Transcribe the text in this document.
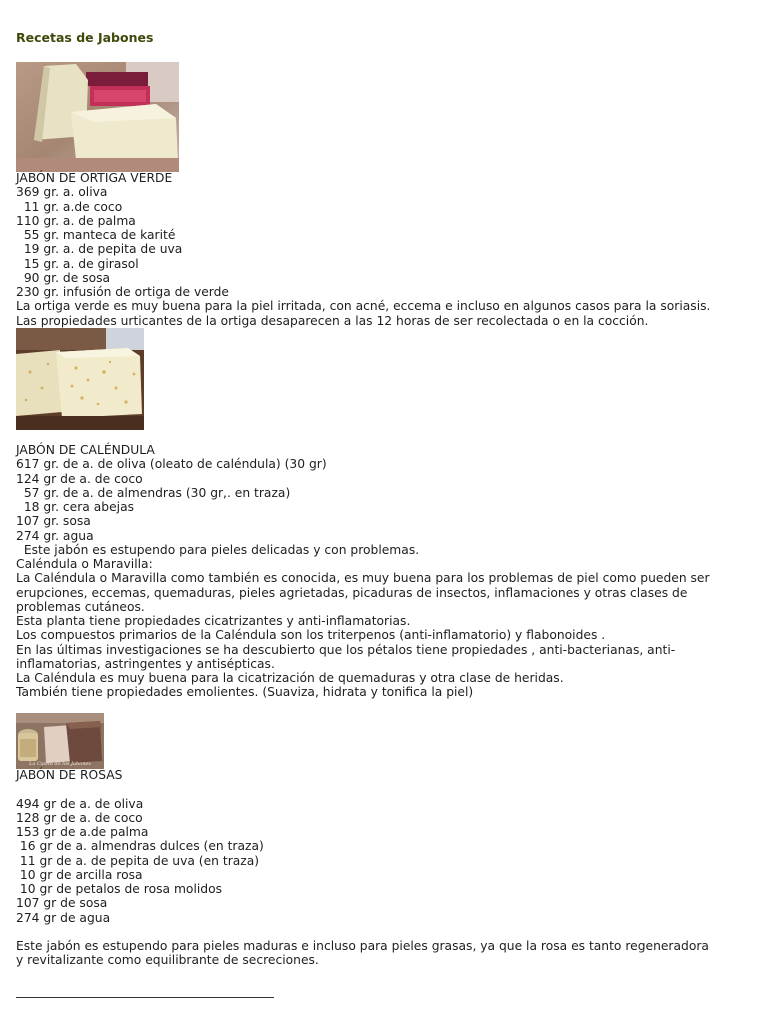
Recetas de Jabones
JABÓN DE ORTIGA VERDE
369 gr. a. oliva
11 gr. a.de coco
110 gr. a. de palma
55 gr. manteca de karité
19 gr. a. de pepita de uva
15 gr. a. de girasol
90 gr. de sosa
230 gr. infusión de ortiga de verde
La ortiga verde es muy buena para la piel irritada, con acné, eccema e incluso en algunos casos para la soriasis.
Las propiedades urticantes de la ortiga desaparecen a las 12 horas de ser recolectada o en la cocción.
JABÓN DE CALÉNDULA
617 gr. de a. de oliva (oleato de caléndula) (30 gr)
124 gr de a. de coco
57 gr. de a. de almendras (30 gr,. en traza)
18 gr. cera abejas
107 gr. sosa
274 gr. agua
Este jabón es estupendo para pieles delicadas y con problemas.
Caléndula o Maravilla:
La Caléndula o Maravilla como también es conocida, es muy buena para los problemas de piel como pueden ser
erupciones, eccemas, quemaduras, pieles agrietadas, picaduras de insectos, inflamaciones y otras clases de
problemas cutáneos.
Esta planta tiene propiedades cicatrizantes y anti-inflamatorias.
Los compuestos primarios de la Caléndula son los triterpenos (anti-inflamatorio) y flabonoides .
En las últimas investigaciones se ha descubierto que los pétalos tiene propiedades , anti-bacterianas, anti-
inflamatorias, astringentes y antisépticas.
La Caléndula es muy buena para la cicatrización de quemaduras y otra clase de heridas.
También tiene propiedades emolientes. (Suaviza, hidrata y tonifica la piel)
La Casita de los Jabones
JABÓN DE ROSAS
494 gr de a. de oliva
128 gr de a. de coco
153 gr de a.de palma
16 gr de a. almendras dulces (en traza)
11 gr de a. de pepita de uva (en traza)
10 gr de arcilla rosa
10 gr de petalos de rosa molidos
107 gr de sosa
274 gr de agua
Este jabón es estupendo para pieles maduras e incluso para pieles grasas, ya que la rosa es tanto regeneradora
y revitalizante como equilibrante de secreciones.
